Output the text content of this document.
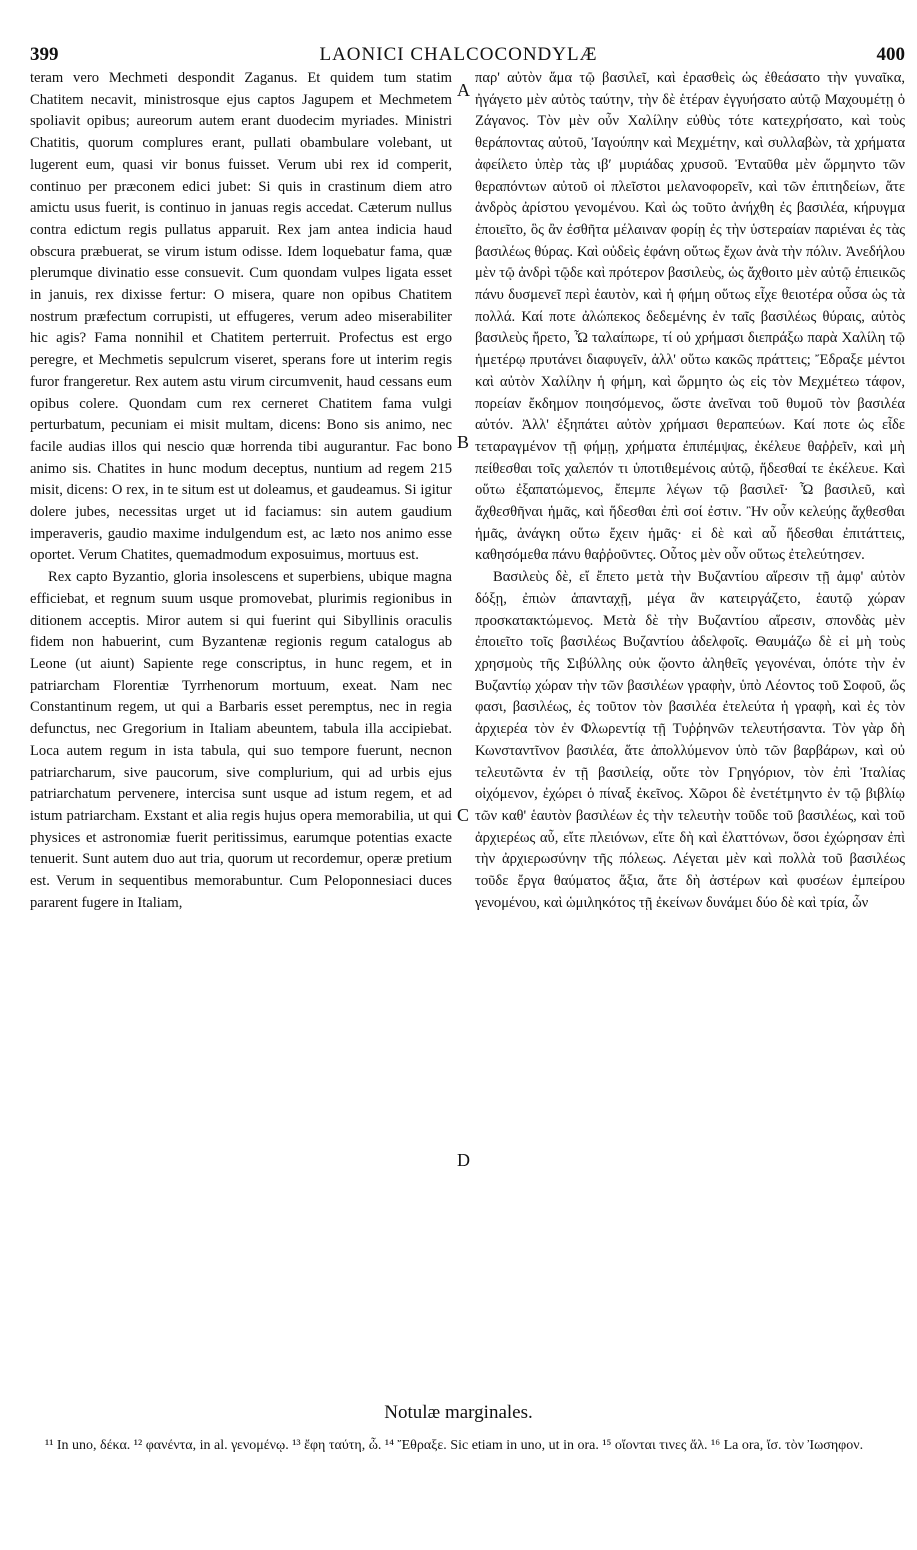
399	LAONICI CHALCOCONDYLÆ	400

teram vero Mechmeti despondit Zaganus. Et quidem tum statim Chatitem necavit, ministrosque ejus captos Jagupem et Mechmetem spoliavit opibus; aureorum autem erant duodecim myriades. Ministri Chatitis, quorum complures erant, pullati obambulare volebant, ut lugerent eum, quasi vir bonus fuisset. Verum ubi rex id comperit, continuo per præconem edici jubet: Si quis in crastinum diem atro amictu usus fuerit, is continuo in januas regis accedat. Cæterum nullus contra edictum regis pullatus apparuit. Rex jam antea indicia haud obscura præbuerat, se virum istum odisse. Idem loquebatur fama, quæ plerumque divinatio esse consuevit. Cum quondam vulpes ligata esset in januis, rex dixisse fertur: O misera, quare non opibus Chatitem nostrum præfectum corrupisti, ut effugeres, verum adeo miserabiliter hic agis? Fama nonnihil et Chatitem perterruit. Profectus est ergo peregre, et Mechmetis sepulcrum viseret, sperans fore ut interim regis furor frangeretur. Rex autem astu virum circumvenit, haud cessans eum opibus colere. Quondam cum rex cerneret Chatitem fama vulgi perturbatum, pecuniam ei misit multam, dicens: Bono sis animo, nec facile audias illos qui nescio quæ horrenda tibi augurantur. Fac bono animo sis. Chatites in hunc modum deceptus, nuntium ad regem 215 misit, dicens: O rex, in te situm est ut doleamus, et gaudeamus. Si igitur dolere jubes, necessitas urget ut id faciamus: sin autem gaudium imperaveris, gaudio maxime indulgendum est, ac læto nos animo esse oportet. Verum Chatites, quemadmodum exposuimus, mortuus est.

Rex capto Byzantio, gloria insolescens et superbiens, ubique magna efficiebat, et regnum suum usque promovebat, plurimis regionibus in ditionem acceptis. Miror autem si qui fuerint qui Sibyllinis oraculis fidem non habuerint, cum Byzantenæ regionis regum catalogus ab Leone (ut aiunt) Sapiente rege conscriptus, in hunc regem, et in patriarcham Florentiæ Tyrrhenorum mortuum, exeat. Nam nec Constantinum regem, ut qui a Barbaris esset peremptus, nec in regia defunctus, nec Gregorium in Italiam abeuntem, tabula illa accipiebat. Loca autem regum in ista tabula, qui suo tempore fuerunt, necnon patriarcharum, sive paucorum, sive complurium, qui ad urbis ejus patriarchatum pervenere, intercisa sunt usque ad istum regem, et ad istum patriarcham. Exstant et alia regis hujus opera memorabilia, ut qui physices et astronomiæ fuerit peritissimus, earumque potentias exacte tenuerit. Sunt autem duo aut tria, quorum ut recordemur, operæ pretium est. Verum in sequentibus memorabuntur. Cum Peloponnesiaci duces pararent fugere in Italiam,

A
B
C
D

παρ' αὐτὸν ἅμα τῷ βασιλεῖ, καὶ ἐρασθεὶς ὡς ἐθεάσατο τὴν γυναῖκα, ἠγάγετο μὲν αὐτὸς ταύτην, τὴν δὲ ἑτέραν ἐγγυήσατο αὐτῷ Μαχουμέτῃ ὁ Ζάγανος. Τὸν μὲν οὖν Χαλίλην εὐθὺς τότε κατεχρήσατο, καὶ τοὺς θεράποντας αὐτοῦ, Ἰαγούπην καὶ Μεχμέτην, καὶ συλλαβὼν, τὰ χρήματα ἀφείλετο ὑπὲρ τὰς ιβʹ μυριάδας χρυσοῦ. Ἐνταῦθα μὲν ὥρμηντο τῶν θεραπόντων αὐτοῦ οἱ πλεῖστοι μελανοφορεῖν, καὶ τῶν ἐπιτηδείων, ἅτε ἀνδρὸς ἀρίστου γενομένου. Καὶ ὡς τοῦτο ἀνήχθη ἐς βασιλέα, κήρυγμα ἐποιεῖτο, ὃς ἂν ἐσθῆτα μέλαιναν φορίῃ ἐς τὴν ὑστεραίαν παριέναι ἐς τὰς βασιλέως θύρας. Καὶ οὐδεὶς ἐφάνη οὕτως ἔχων ἀνὰ τὴν πόλιν. Ἀνεδήλου μὲν τῷ ἀνδρὶ τῷδε καὶ πρότερον βασιλεὺς, ὡς ἄχθοιτο μὲν αὐτῷ ἐπιεικῶς πάνυ δυσμενεῖ περὶ ἑαυτὸν, καὶ ἡ φήμη οὕτως εἶχε θειοτέρα οὖσα ὡς τὰ πολλά. Καί ποτε ἀλώπεκος δεδεμένης ἐν ταῖς βασιλέως θύραις, αὐτὸς βασιλεὺς ἤρετο, Ὦ ταλαίπωρε, τί οὐ χρήμασι διεπράξω παρὰ Χαλίλη τῷ ἡμετέρῳ πρυτάνει διαφυγεῖν, ἀλλ' οὕτω κακῶς πράττεις; Ἔδραξε μέντοι καὶ αὐτὸν Χαλίλην ἡ φήμη, καὶ ὥρμητο ὡς εἰς τὸν Μεχμέτεω τάφον, πορείαν ἔκδημον ποιησόμενος, ὥστε ἀνεῖναι τοῦ θυμοῦ τὸν βασιλέα αὐτόν. Ἀλλ' ἐξηπάτει αὐτὸν χρήμασι θεραπεύων. Καί ποτε ὡς εἶδε τεταραγμένον τῇ φήμῃ, χρήματα ἐπιπέμψας, ἐκέλευε θαῤῥεῖν, καὶ μὴ πείθεσθαι τοῖς χαλεπόν τι ὑποτιθεμένοις αὐτῷ, ἥδεσθαί τε ἐκέλευε. Καὶ οὕτω ἐξαπατώμενος, ἔπεμπε λέγων τῷ βασιλεῖ· Ὦ βασιλεῦ, καὶ ἄχθεσθῆναι ἡμᾶς, καὶ ἥδεσθαι ἐπὶ σοί ἐστιν. Ἢν οὖν κελεύῃς ἄχθεσθαι ἡμᾶς, ἀνάγκη οὕτω ἔχειν ἡμᾶς· εἰ δὲ καὶ αὖ ἥδεσθαι ἐπιτάττεις, καθησόμεθα πάνυ θαῤῥοῦντες. Οὗτος μὲν οὖν οὕτως ἐτελεύτησεν.

Βασιλεὺς δὲ, εἴ ἔπετο μετὰ τὴν Βυζαντίου αἵρεσιν τῇ ἀμφ' αὐτὸν δόξῃ, ἐπιὼν ἁπανταχῇ, μέγα ἂν κατειργάζετο, ἑαυτῷ χώραν προσκατακτώμενος. Μετὰ δὲ τὴν Βυζαντίου αἵρεσιν, σπονδὰς μὲν ἐποιεῖτο τοῖς βασιλέως Βυζαντίου ἀδελφοῖς. Θαυμάζω δὲ εἰ μὴ τοὺς χρησμοὺς τῆς Σιβύλλης οὐκ ᾤοντο ἀληθεῖς γεγονέναι, ὁπότε τὴν ἐν Βυζαντίῳ χώραν τὴν τῶν βασιλέων γραφὴν, ὑπὸ Λέοντος τοῦ Σοφοῦ, ὥς φασι, βασιλέως, ἐς τοῦτον τὸν βασιλέα ἐτελεύτα ἡ γραφὴ, καὶ ἐς τὸν ἀρχιερέα τὸν ἐν Φλωρεντίᾳ τῇ Τυῤῥηνῶν τελευτήσαντα. Τὸν γὰρ δὴ Κωνσταντῖνον βασιλέα, ἅτε ἀπολλύμενον ὑπὸ τῶν βαρβάρων, καὶ οὐ τελευτῶντα ἐν τῇ βασιλείᾳ, οὔτε τὸν Γρηγόριον, τὸν ἐπὶ Ἰταλίας οἰχόμενον, ἐχώρει ὁ πίναξ ἐκεῖνος. Χῶροι δὲ ἐνετέτμηντο ἐν τῷ βιβλίῳ τῶν καθ' ἑαυτὸν βασιλέων ἐς τὴν τελευτὴν τοῦδε τοῦ βασιλέως, καὶ τοῦ ἀρχιερέως αὖ, εἴτε πλειόνων, εἴτε δὴ καὶ ἐλαττόνων, ὅσοι ἐχώρησαν ἐπὶ τὴν ἀρχιερωσύνην τῆς πόλεως. Λέγεται μὲν καὶ πολλὰ τοῦ βασιλέως τοῦδε ἔργα θαύματος ἄξια, ἅτε δὴ ἀστέρων καὶ φυσέων ἐμπείρου γενομένου, καὶ ὡμιληκότος τῇ ἐκείνων δυνάμει δύο δὲ καὶ τρία, ὧν

Notulæ marginales.

¹¹ In uno, δέκα. ¹² φανέντα, in al. γενομένῳ. ¹³ ἔφη ταύτη, ὦ. ¹⁴ Ἔθραξε. Sic etiam in uno, ut in ora. ¹⁵ οἴονται τινες ἄλ. ¹⁶ La ora, ἴσ. τὸν Ἰωσηφον.
